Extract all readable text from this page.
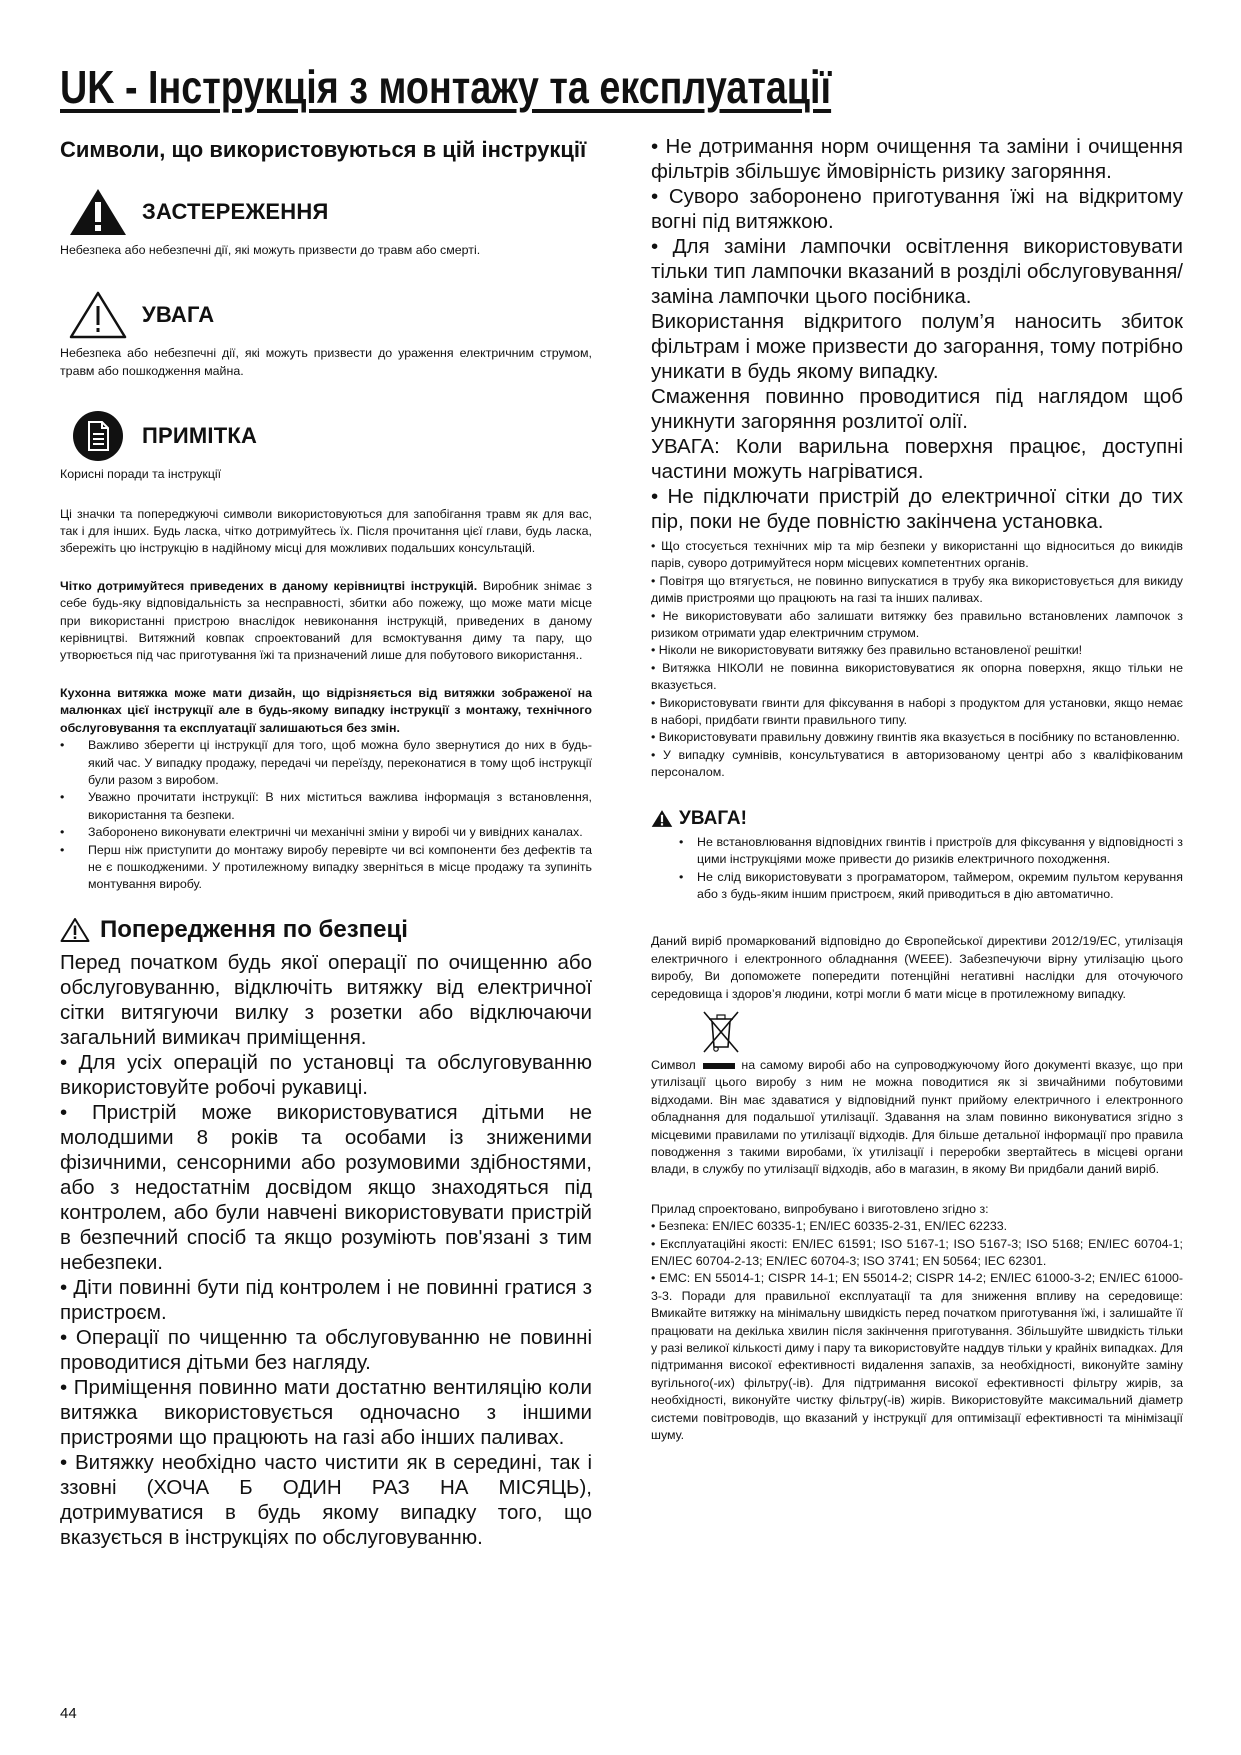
UK - Інструкція з монтажу та експлуатації
Символи, що використовуються в цій інструкції
ЗАСТЕРЕЖЕННЯ

Небезпека або небезпечні дії, які можуть призвести до травм або смерті.

УВАГА

Небезпека або небезпечні дії, які можуть призвести до ураження електричним струмом, травм або пошкодження майна.

ПРИМІТКА

Корисні поради та інструкції

Ці значки та попереджуючі символи використовуються для запобігання травм як для вас, так і для інших. Будь ласка, чітко дотримуйтесь їх. Після прочитання цієї глави, будь ласка, збережіть цю інструкцію в надійному місці для можливих подальших консультацій.

Чітко дотримуйтеся приведених в даному керівництві інструкцій. Виробник знімає з себе будь-яку відповідальність за несправності, збитки або пожежу, що може мати місце при використанні пристрою внаслідок невиконання інструкцій, приведених в даному керівництві. Витяжний ковпак спроектований для всмоктування диму та пару, що утворюється під час приготування їжі та призначений лише для побутового використання..

Кухонна витяжка може мати дизайн, що відрізняється від витяжки зображеної на малюнках цієї інструкції але в будь-якому випадку інструкції з монтажу, технічного обслуговування та експлуатації залишаються без змін.

• Важливо зберегти ці інструкції для того, щоб можна було звернутися до них в будь-який час. У випадку продажу, передачі чи переїзду, переконатися в тому щоб інструкції були разом з виробом.
• Уважно прочитати інструкції: В них міститься важлива інформація з встановлення, використання та безпеки.
• Заборонено виконувати електричні чи механічні зміни у виробі чи у вивідних каналах.
• Перш ніж приступити до монтажу виробу перевірте чи всі компоненти без дефектів та не є пошкодженими. У протилежному випадку зверніться в місце продажу та зупиніть монтування виробу.
Попередження по безпеці

Перед початком будь якої операції по очищенню або обслуговуванню, відключіть витяжку від електричної сітки витягуючи вилку з розетки або відключаючи загальний вимикач приміщення.

• Для усіх операцій по установці та обслуговуванню використовуйте робочі рукавиці.

• Пристрій може використовуватися дітьми не молодшими 8 років та особами із зниженими фізичними, сенсорними або розумовими здібностями, або з недостатнім досвідом якщо знаходяться під контролем, або були навчені використовувати пристрій в безпечний спосіб та якщо розуміють пов'язані з тим небезпеки.

• Діти повинні бути під контролем і не повинні гратися з пристроєм.

• Операції по чищенню та обслуговуванню не повинні проводитися дітьми без нагляду.

• Приміщення повинно мати достатню вентиляцію коли витяжка використовується одночасно з іншими пристроями що працюють на газі або інших паливах.

• Витяжку необхідно часто чистити як в середині, так і ззовні (ХОЧА Б ОДИН РАЗ НА МІСЯЦЬ), дотримуватися в будь якому випадку того, що вказується в інструкціях по обслуговуванню.

• Не дотримання норм очищення та заміни і очищення фільтрів збільшує ймовірність ризику загоряння.

• Суворо заборонено приготування їжі на відкритому вогні під витяжкою.

• Для заміни лампочки освітлення використовувати тільки тип лампочки вказаний в розділі обслуговування/заміна лампочки цього посібника.

Використання відкритого полум’я наносить збиток фільтрам і може призвести до загорання, тому потрібно уникати в будь якому випадку.

Смаження повинно проводитися під наглядом щоб уникнути загоряння розлитої олії.

УВАГА: Коли варильна поверхня працює, доступні частини можуть нагріватися.

• Не підключати пристрій до електричної сітки до тих пір, поки не буде повністю закінчена установка.

• Що стосується технічних мір та мір безпеки у використанні що відноситься до викидів парів, суворо дотримуйтеся норм місцевих компетентних органів.

• Повітря що втягується, не повинно випускатися в трубу яка використовується для викиду димів пристроями що працюють на газі та інших паливах.

• Не використовувати або залишати витяжку без правильно встановлених лампочок з ризиком отримати удар електричним струмом.

• Ніколи не використовувати витяжку без правильно встановленої решітки!

• Витяжка НІКОЛИ не повинна використовуватися як опорна поверхня, якщо тільки не вказується.

• Використовувати гвинти для фіксування в наборі з продуктом для установки, якщо немає в наборі, придбати гвинти правильного типу.

• Використовувати правильну довжину гвинтів яка вказується в посібнику по встановленню.

• У випадку сумнівів, консультуватися в авторизованому центрі або з кваліфікованим персоналом.

УВАГА!
• Не встановлювання відповідних гвинтів і пристроїв для фіксування у відповідності з цими інструкціями може привести до ризиків електричного походження.
• Не слід використовувати з програматором, таймером, окремим пультом керування або з будь-яким іншим пристроєм, який приводиться в дію автоматично.

Даний виріб промаркований відповідно до Європейської директиви 2012/19/EC, утилізація електричного і електронного обладнання (WEEE). Забезпечуючи вірну утилізацію цього виробу, Ви допоможете попередити потенційні негативні наслідки для оточуючого середовища і здоров’я людини, котрі могли б мати місце в протилежному випадку.

Символ	на самому виробі або на супроводжуючому його документі вказує, що при утилізації цього виробу з ним не можна поводитися як зі звичайними побутовими відходами. Він має здаватися у відповідний пункт прийому електричного і електронного обладнання для подальшої утилізації. Здавання на злам повинно виконуватися згідно з місцевими правилами по утилізації відходів. Для більше детальної інформації про правила поводження з такими виробами, їх утилізації і переробки звертайтесь в місцеві органи влади, в службу по утилізації відходів, або в магазин, в якому Ви придбали даний виріб.

Прилад спроектовано, випробувано і виготовлено згідно з:

• Безпека: EN/IEC 60335-1; EN/IEC 60335-2-31, EN/IEC 62233.

• Експлуатаційні якості: EN/IEC 61591; ISO 5167-1; ISO 5167-3; ISO 5168; EN/IEC 60704-1; EN/IEC 60704-2-13; EN/IEC 60704-3; ISO 3741; EN 50564; IEC 62301.

• EMC: EN 55014-1; CISPR 14-1; EN 55014-2; CISPR 14-2; EN/IEC 61000-3-2; EN/IEC 61000-3-3. Поради для правильної експлуатації та для зниження впливу на середовище: Вмикайте витяжку на мінімальну швидкість перед початком приготування їжі, і залишайте її працювати на декілька хвилин після закінчення приготування. Збільшуйте швидкість тільки у разі великої кількості диму і пару та використовуйте наддув тільки у крайніх випадках. Для підтримання високої ефективності видалення запахів, за необхідності, виконуйте заміну вугільного(-их) фільтру(-ів). Для підтримання високої ефективності фільтру жирів, за необхідності, виконуйте чистку фільтру(-ів) жирів. Використовуйте максимальний діаметр системи повітроводів, що вказаний у інструкції для оптимізації ефективності та мінімізації шуму.

44
